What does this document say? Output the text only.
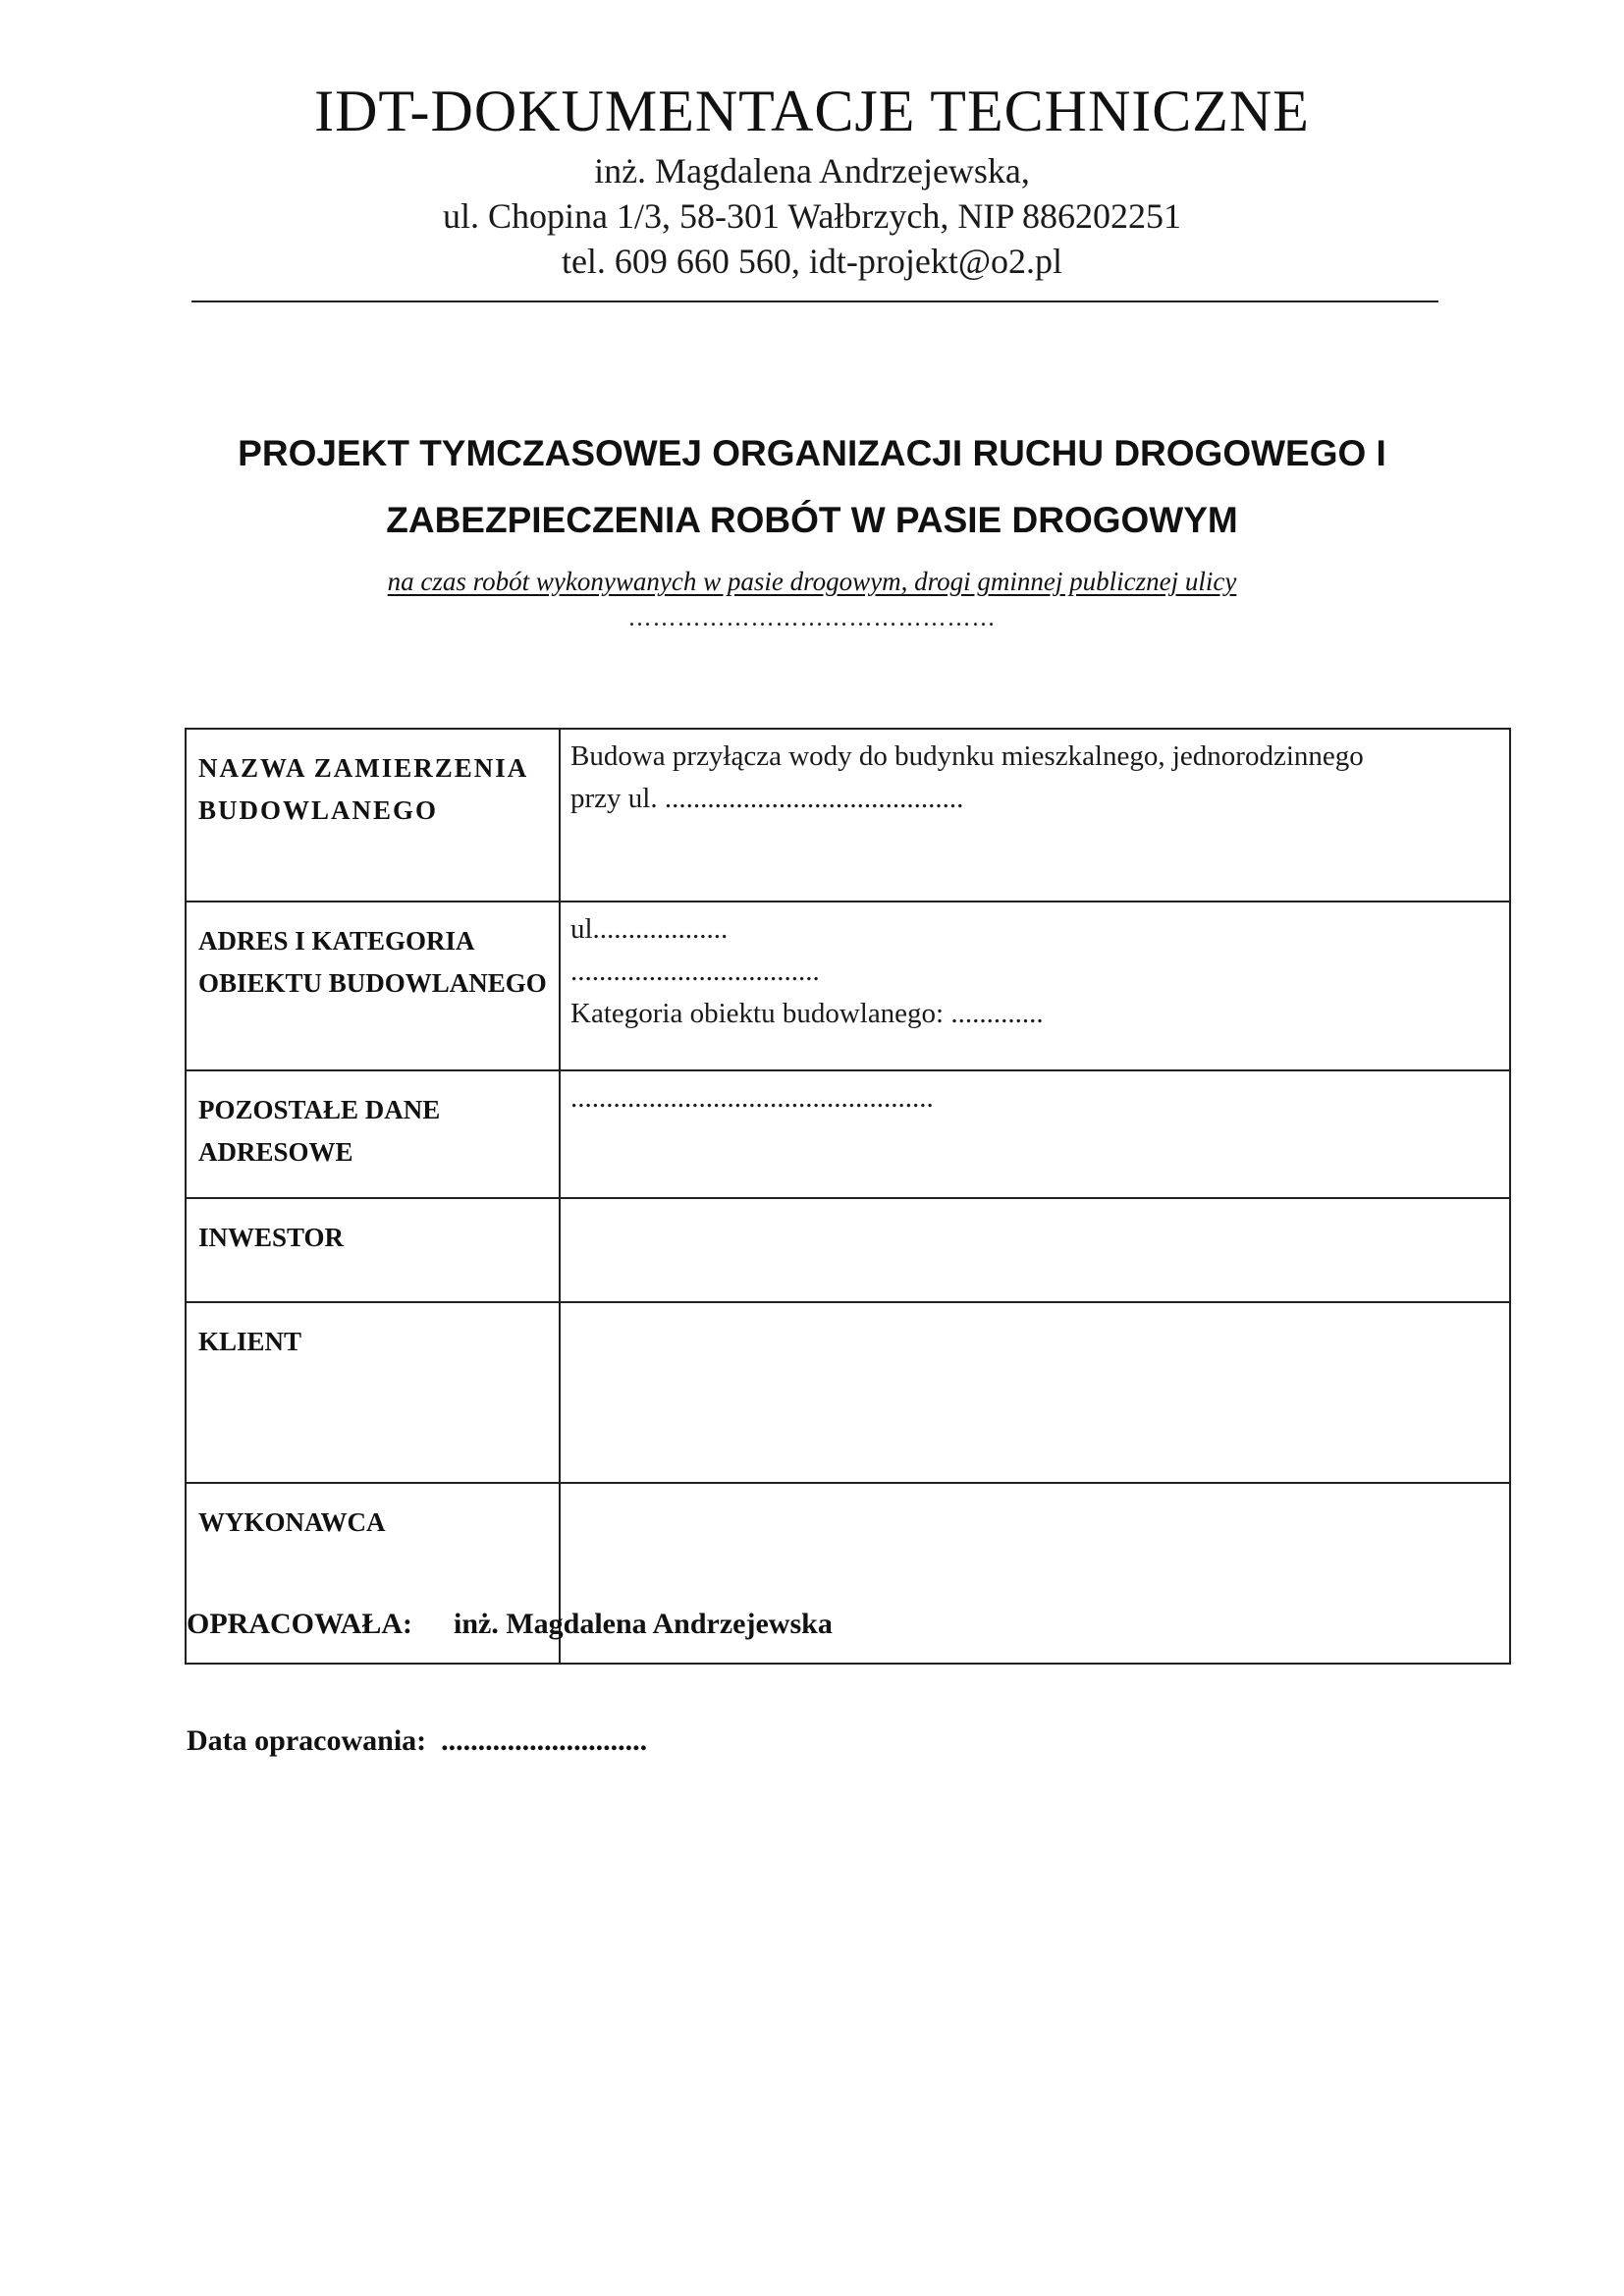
IDT-DOKUMENTACJE TECHNICZNE
inż. Magdalena Andrzejewska,
ul. Chopina 1/3, 58-301 Wałbrzych, NIP 886202251
tel. 609 660 560, idt-projekt@o2.pl
PROJEKT TYMCZASOWEJ ORGANIZACJI RUCHU DROGOWEGO I
ZABEZPIECZENIA ROBÓT W PASIE DROGOWYM
na czas robót wykonywanych w pasie drogowym, drogi gminnej publicznej ulicy
………………………………………
NAZWA ZAMIERZENIA BUDOWLANEGO	Budowa przyłącza wody do budynku mieszkalnego, jednorodzinnego
przy ul. ..........................................

ADRES I KATEGORIA OBIEKTU BUDOWLANEGO	ul...................
...................................
Kategoria obiektu budowlanego: .............

POZOSTAŁE DANE ADRESOWE	...................................................

INWESTOR	
KLIENT	
WYKONAWCA	
OPRACOWAŁA: inż. Magdalena Andrzejewska
Data opracowania: ............................
